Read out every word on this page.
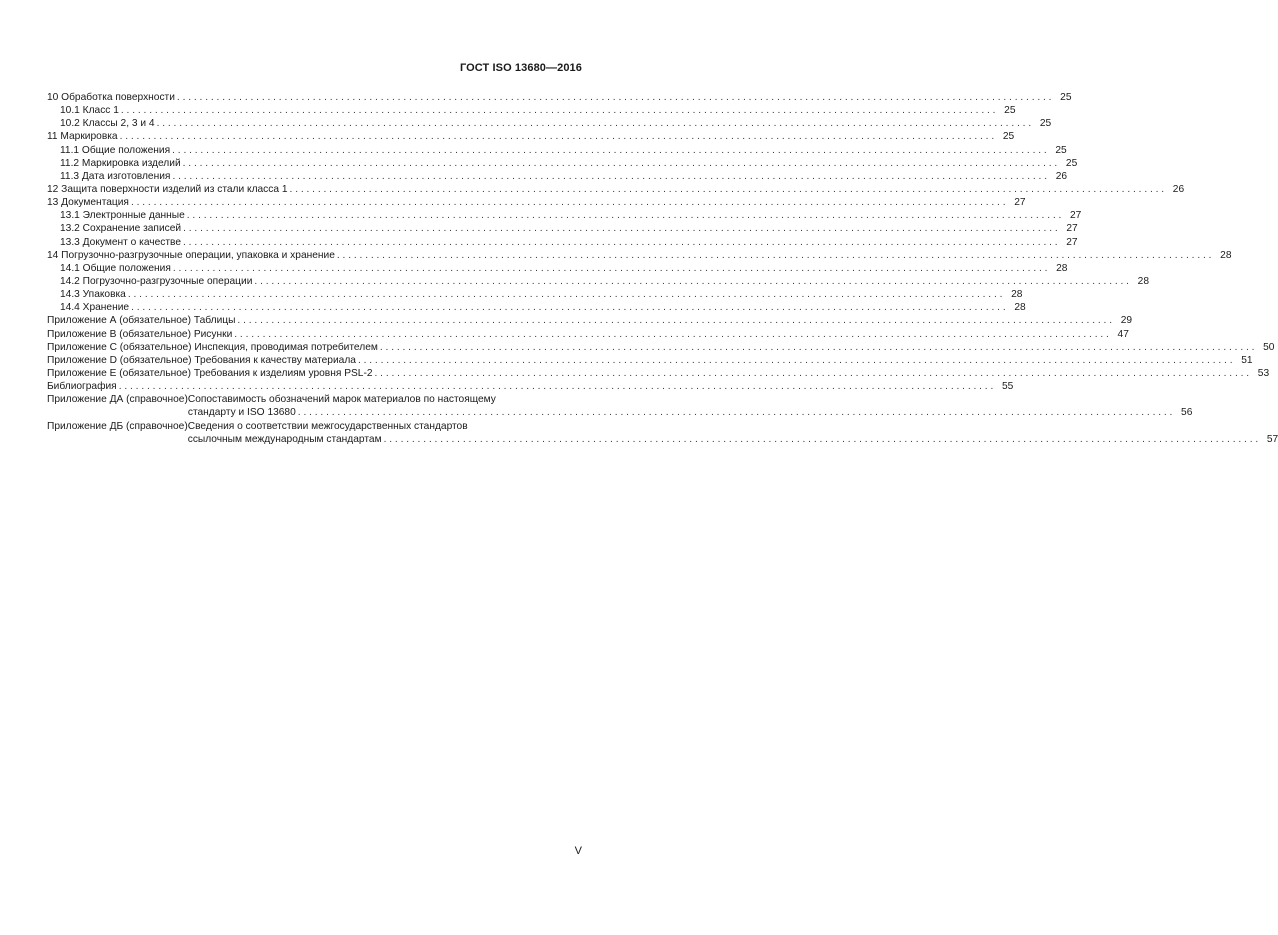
ГОСТ ISO 13680—2016
10 Обработка поверхности . . .	25
10.1 Класс 1 . . .	25
10.2 Классы 2, 3 и 4 . . .	25
11 Маркировка . . .	25
11.1 Общие положения . . .	25
11.2 Маркировка изделий . . .	25
11.3 Дата изготовления . . .	26
12 Защита поверхности изделий из стали класса 1 . . .	26
13 Документация . . .	27
13.1 Электронные данные . . .	27
13.2 Сохранение записей . . .	27
13.3 Документ о качестве . . .	27
14 Погрузочно-разгрузочные операции, упаковка и хранение . . .	28
14.1 Общие положения . . .	28
14.2 Погрузочно-разгрузочные операции . . .	28
14.3 Упаковка . . .	28
14.4 Хранение . . .	28
Приложение А (обязательное) Таблицы . . .	29
Приложение В (обязательное) Рисунки . . .	47
Приложение С (обязательное) Инспекция, проводимая потребителем . . .	50
Приложение D (обязательное) Требования к качеству материала . . .	51
Приложение Е (обязательное) Требования к изделиям уровня PSL-2 . . .	53
Библиография . . .	55
Приложение ДА (справочное) Сопоставимость обозначений марок материалов по настоящему
стандарту и ISO 13680 . . .	56
Приложение ДБ (справочное) Сведения о соответствии межгосударственных стандартов
ссылочным международным стандартам . . .	57
V
